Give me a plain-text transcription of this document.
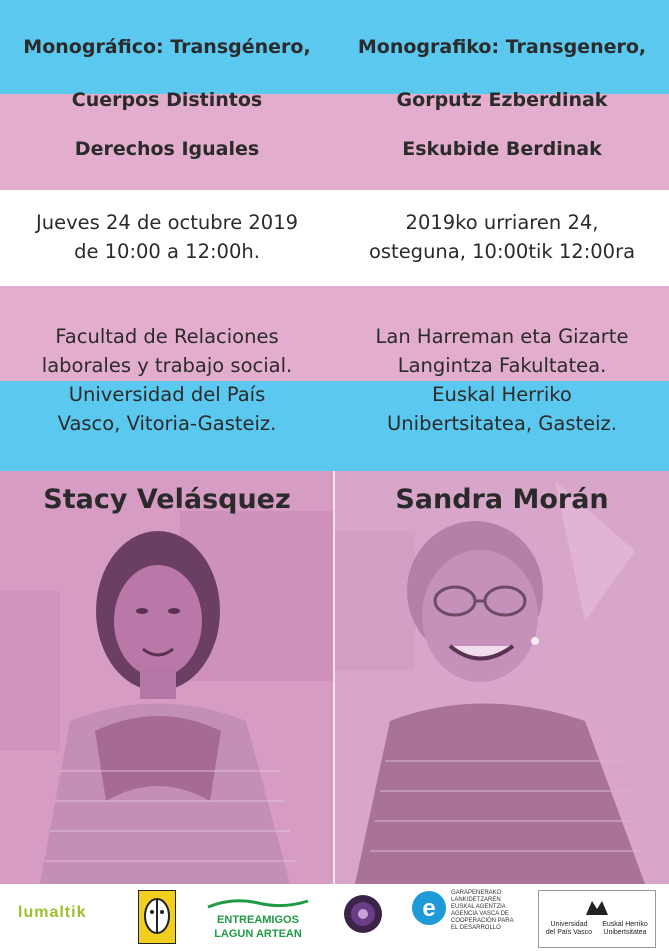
Monográfico: Transgénero,
Cuerpos Distintos
Derechos Iguales
Monografiko: Transgenero,
Gorputz Ezberdinak
Eskubide Berdinak
Jueves 24 de octubre 2019
de 10:00 a 12:00h.
2019ko urriaren 24,
osteguna, 10:00tik 12:00ra
Facultad de Relaciones
laborales y trabajo social.
Universidad del País
Vasco, Vitoria-Gasteiz.
Lan Harreman eta Gizarte
Langintza Fakultatea.
Euskal Herriko
Unibertsitatea, Gasteiz.
Stacy Velásquez	Sandra Morán
lumaltik	ENTREAMIGOS
LAGUN ARTEAN
e
GARAPENERAKO
LANKIDETZAREN
EUSKAL AGENTZIA
AGENCIA VASCA DE
COOPERACIÓN PARA
EL DESARROLLO	Universidad
del País Vasco
Euskal Herriko
Unibertsitatea
